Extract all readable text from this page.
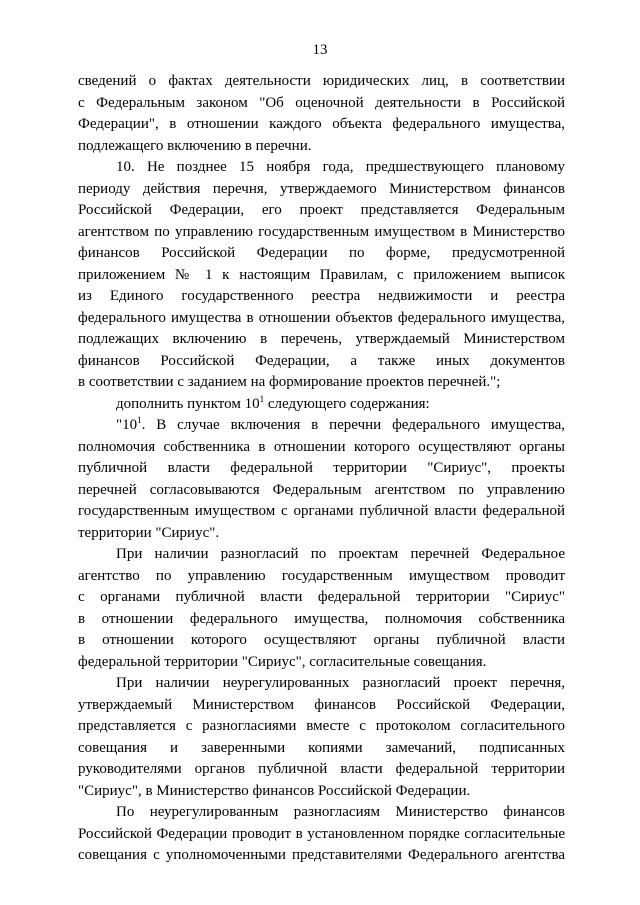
13
сведений о фактах деятельности юридических лиц, в соответствии
с Федеральным законом "Об оценочной деятельности в Российской
Федерации", в отношении каждого объекта федерального имущества,
подлежащего включению в перечни.
10. Не позднее 15 ноября года, предшествующего плановому
периоду действия перечня, утверждаемого Министерством финансов
Российской Федерации, его проект представляется Федеральным
агентством по управлению государственным имуществом в Министерство
финансов Российской Федерации по форме, предусмотренной
приложением № 1 к настоящим Правилам, с приложением выписок
из Единого государственного реестра недвижимости и реестра
федерального имущества в отношении объектов федерального имущества,
подлежащих включению в перечень, утверждаемый Министерством
финансов Российской Федерации, а также иных документов
в соответствии с заданием на формирование проектов перечней.";
дополнить пунктом $10^1$ следующего содержания:
"$10^1$. В случае включения в перечни федерального имущества,
полномочия собственника в отношении которого осуществляют органы
публичной власти федеральной территории "Сириус", проекты
перечней согласовываются Федеральным агентством по управлению
государственным имуществом с органами публичной власти федеральной
территории "Сириус".
При наличии разногласий по проектам перечней Федеральное
агентство по управлению государственным имуществом проводит
с органами публичной власти федеральной территории "Сириус"
в отношении федерального имущества, полномочия собственника
в отношении которого осуществляют органы публичной власти
федеральной территории "Сириус", согласительные совещания.
При наличии неурегулированных разногласий проект перечня,
утверждаемый Министерством финансов Российской Федерации,
представляется с разногласиями вместе с протоколом согласительного
совещания и заверенными копиями замечаний, подписанных
руководителями органов публичной власти федеральной территории
"Сириус", в Министерство финансов Российской Федерации.
По неурегулированным разногласиям Министерство финансов
Российской Федерации проводит в установленном порядке согласительные
совещания с уполномоченными представителями Федерального агентства
